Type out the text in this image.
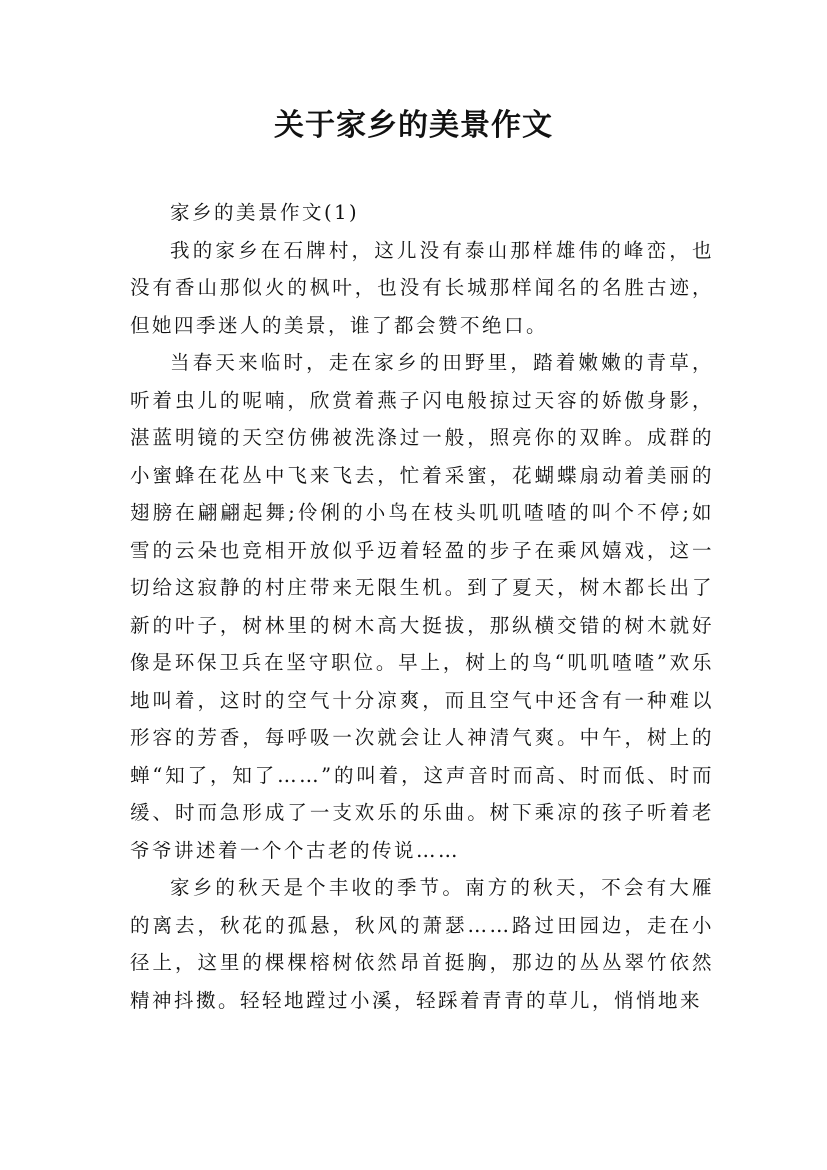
关于家乡的美景作文

家乡的美景作文(1)

我的家乡在石牌村，这儿没有泰山那样雄伟的峰峦，也没有香山那似火的枫叶，也没有长城那样闻名的名胜古迹，但她四季迷人的美景，谁了都会赞不绝口。

当春天来临时，走在家乡的田野里，踏着嫩嫩的青草，听着虫儿的呢喃，欣赏着燕子闪电般掠过天容的娇傲身影，湛蓝明镜的天空仿佛被洗涤过一般，照亮你的双眸。成群的小蜜蜂在花丛中飞来飞去，忙着采蜜，花蝴蝶扇动着美丽的翅膀在翩翩起舞;伶俐的小鸟在枝头叽叽喳喳的叫个不停;如雪的云朵也竞相开放似乎迈着轻盈的步子在乘风嬉戏，这一切给这寂静的村庄带来无限生机。到了夏天，树木都长出了新的叶子，树林里的树木高大挺拔，那纵横交错的树木就好像是环保卫兵在坚守职位。早上，树上的鸟“叽叽喳喳”欢乐地叫着，这时的空气十分凉爽，而且空气中还含有一种难以形容的芳香，每呼吸一次就会让人神清气爽。中午，树上的蝉“知了，知了……”的叫着，这声音时而高、时而低、时而缓、时而急形成了一支欢乐的乐曲。树下乘凉的孩子听着老爷爷讲述着一个个古老的传说……

家乡的秋天是个丰收的季节。南方的秋天，不会有大雁的离去，秋花的孤悬，秋风的萧瑟……路过田园边，走在小径上，这里的棵棵榕树依然昂首挺胸，那边的丛丛翠竹依然精神抖擞。轻轻地蹚过小溪，轻踩着青青的草儿，悄悄地来
